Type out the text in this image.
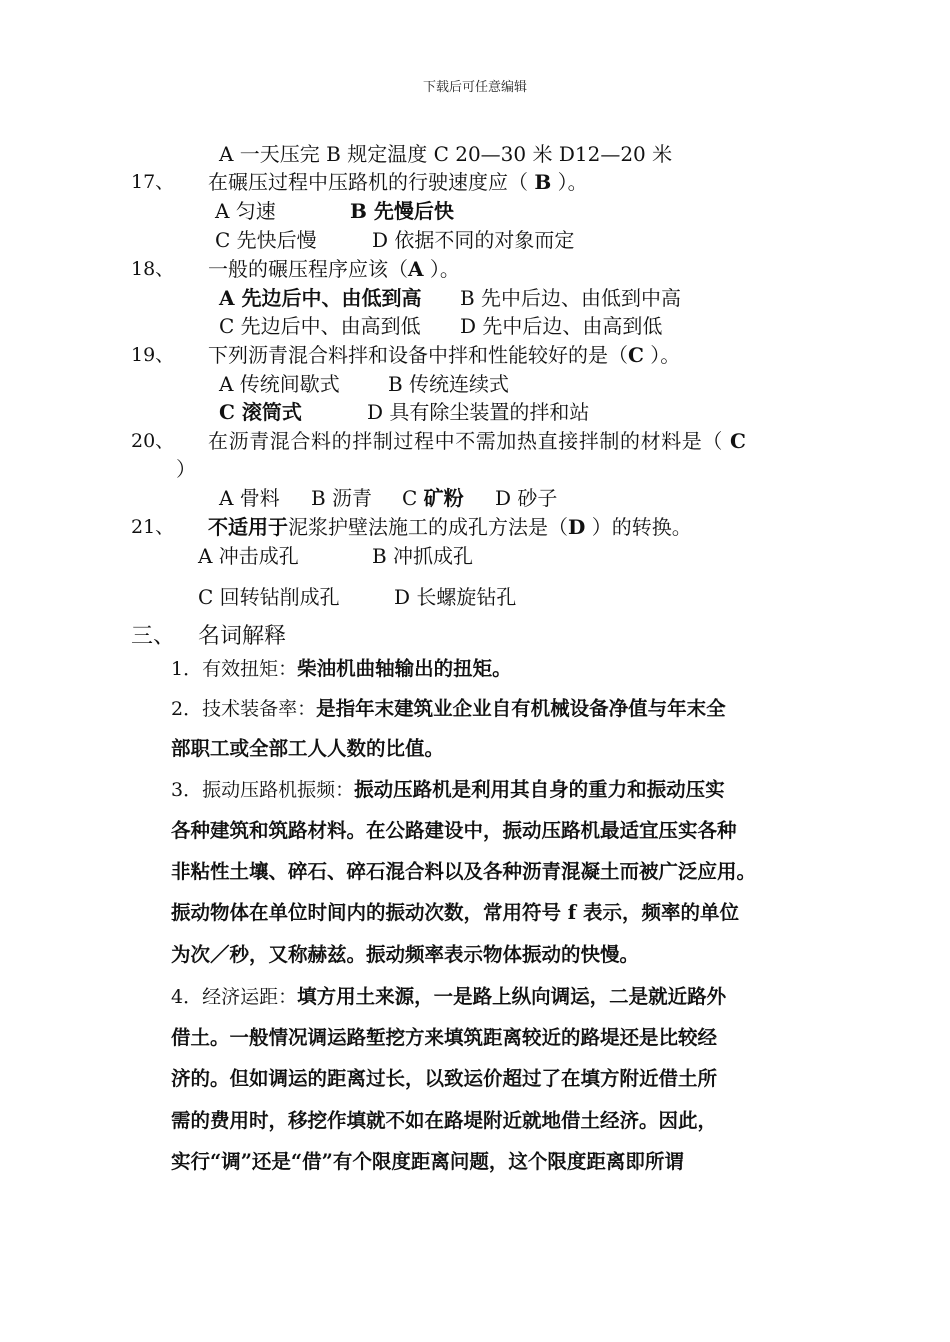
下载后可任意编辑
A 一天压完 B 规定温度 C 20—30 米 D12—20 米
17、 在碾压过程中压路机的行驶速度应（ B ）。
A 匀速	B 先慢后快
C 先快后慢	D 依据不同的对象而定
18、 一般的碾压程序应该（A ）。
A 先边后中、由低到高 B 先中后边、由低到中高
C 先边后中、由高到低 D 先中后边、由高到低
19、 下列沥青混合料拌和设备中拌和性能较好的是（C ）。
A 传统间歇式 B 传统连续式
C 滚筒式	D 具有除尘装置的拌和站
20、 在沥青混合料的拌制过程中不需加热直接拌制的材料是（ C
）
A 骨料 B 沥青 C 矿粉 D 砂子
21、 不适用于泥浆护壁法施工的成孔方法是（D ）的转换。
A 冲击成孔	B 冲抓成孔
C 回转钻削成孔	D 长螺旋钻孔
三、 名词解释
1．有效扭矩：柴油机曲轴输出的扭矩。
2．技术装备率：是指年末建筑业企业自有机械设备净值与年末全
部职工或全部工人人数的比值。
3．振动压路机振频：振动压路机是利用其自身的重力和振动压实
各种建筑和筑路材料。在公路建设中，振动压路机最适宜压实各种
非粘性土壤、碎石、碎石混合料以及各种沥青混凝土而被广泛应用。
振动物体在单位时间内的振动次数，常用符号 f 表示，频率的单位
为次／秒，又称赫兹。振动频率表示物体振动的快慢。
4．经济运距：填方用土来源，一是路上纵向调运，二是就近路外
借土。一般情况调运路堑挖方来填筑距离较近的路堤还是比较经
济的。但如调运的距离过长，以致运价超过了在填方附近借土所
需的费用时，移挖作填就不如在路堤附近就地借土经济。因此，
实行“调”还是“借”有个限度距离问题，这个限度距离即所谓
